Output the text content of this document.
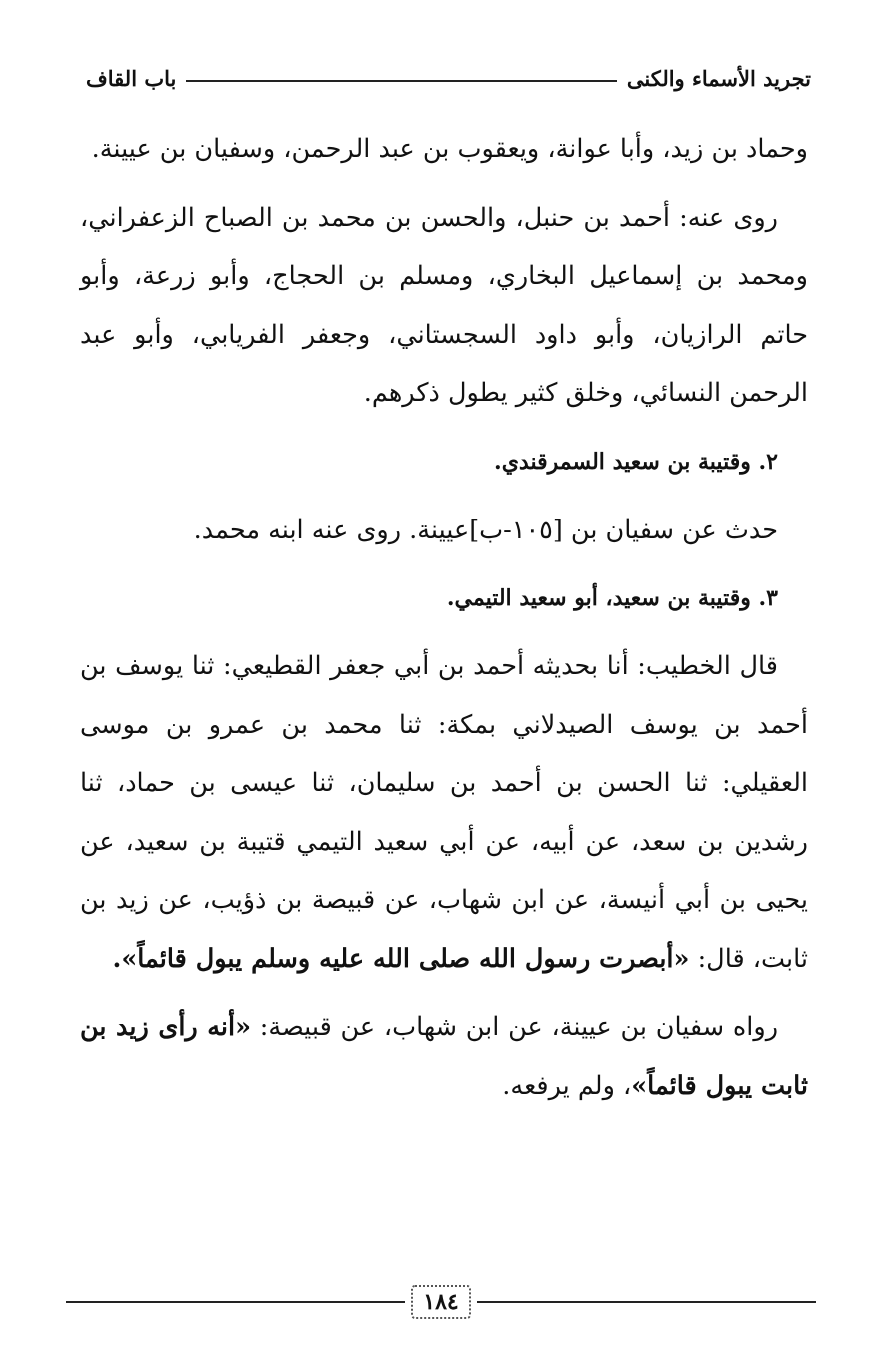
تجريد الأسماء والكنى
باب القاف

وحماد بن زيد، وأبا عوانة، ويعقوب بن عبد الرحمن، وسفيان بن عيينة.

روى عنه: أحمد بن حنبل، والحسن بن محمد بن الصباح الزعفراني، ومحمد بن إسماعيل البخاري، ومسلم بن الحجاج، وأبو زرعة، وأبو حاتم الرازيان، وأبو داود السجستاني، وجعفر الفريابي، وأبو عبد الرحمن النسائي، وخلق كثير يطول ذكرهم.

٢. وقتيبة بن سعيد السمرقندي.

حدث عن سفيان بن [١٠٥-ب]عيينة. روى عنه ابنه محمد.

٣. وقتيبة بن سعيد، أبو سعيد التيمي.

قال الخطيب: أنا بحديثه أحمد بن أبي جعفر القطيعي: ثنا يوسف بن أحمد بن يوسف الصيدلاني بمكة: ثنا محمد بن عمرو بن موسى العقيلي: ثنا الحسن بن أحمد بن سليمان، ثنا عيسى بن حماد، ثنا رشدين بن سعد، عن أبيه، عن أبي سعيد التيمي قتيبة بن سعيد، عن يحيى بن أبي أنيسة، عن ابن شهاب، عن قبيصة بن ذؤيب، عن زيد بن ثابت، قال: «أبصرت رسول الله صلى الله عليه وسلم يبول قائماً».

رواه سفيان بن عيينة، عن ابن شهاب، عن قبيصة: «أنه رأى زيد بن ثابت يبول قائماً»، ولم يرفعه.

١٨٤
